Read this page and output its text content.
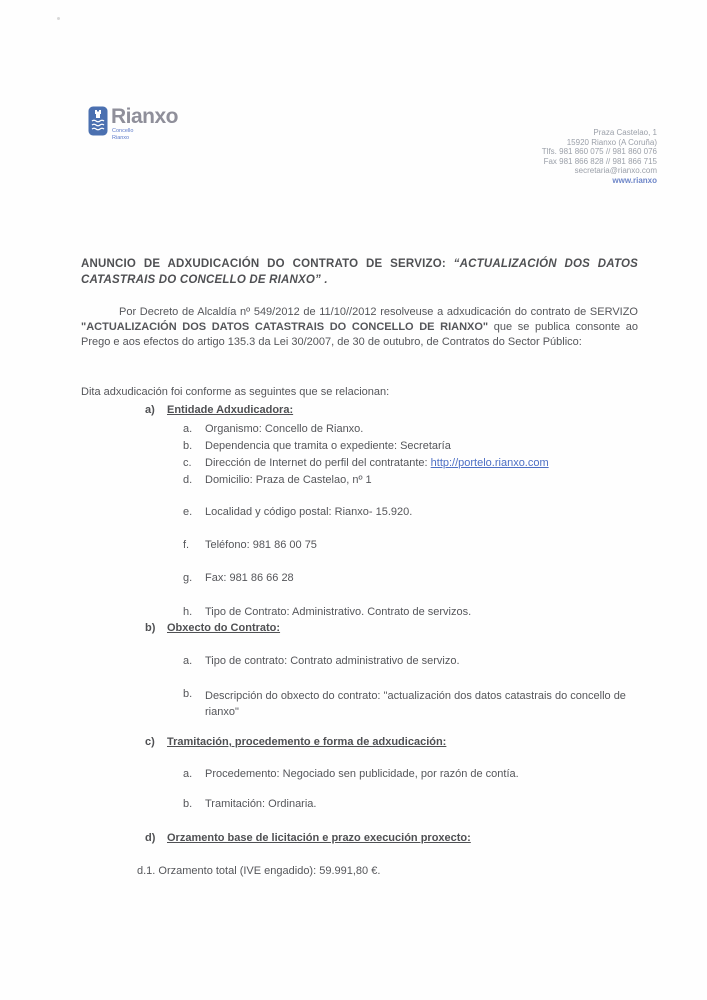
Rianxo
Concello
Rianxo
Praza Castelao, 1
15920 Rianxo (A Coruña)
Tlfs. 981 860 075 // 981 860 076
Fax 981 866 828 // 981 866 715
secretaria@rianxo.com
www.rianxo
ANUNCIO DE ADXUDICACIÓN DO CONTRATO DE SERVIZO: “ACTUALIZACIÓN DOS DATOS CATASTRAIS DO CONCELLO DE RIANXO” .
Por Decreto de Alcaldía nº 549/2012 de 11/10//2012 resolveuse a adxudicación do contrato de SERVIZO "ACTUALIZACIÓN DOS DATOS CATASTRAIS DO CONCELLO DE RIANXO" que se publica consonte ao Prego e aos efectos do artigo 135.3 da Lei 30/2007, de 30 de outubro, de Contratos do Sector Público:
Dita adxudicación foi conforme as seguintes que se relacionan:
a)	Entidade Adxudicadora:
a.	Organismo: Concello de Rianxo.
b.	Dependencia que tramita o expediente: Secretaría
c.	Dirección de Internet do perfil del contratante: http://portelo.rianxo.com
d.	Domicilio: Praza de Castelao, nº 1
e.	Localidad y código postal: Rianxo- 15.920.
f.	Teléfono: 981 86 00 75
g.	Fax: 981 86 66 28
h.	Tipo de Contrato: Administrativo. Contrato de servizos.
b)	Obxecto do Contrato:
a.	Tipo de contrato: Contrato administrativo de servizo.
b.	Descripción do obxecto do contrato: "actualización dos datos catastrais do concello de rianxo"
c)	Tramitación, procedemento e forma de adxudicación:
a.	Procedemento: Negociado sen publicidade, por razón de contía.
b.	Tramitación: Ordinaria.
d)	Orzamento base de licitación e prazo execución proxecto:
d.1. Orzamento total (IVE engadido): 59.991,80 €.
